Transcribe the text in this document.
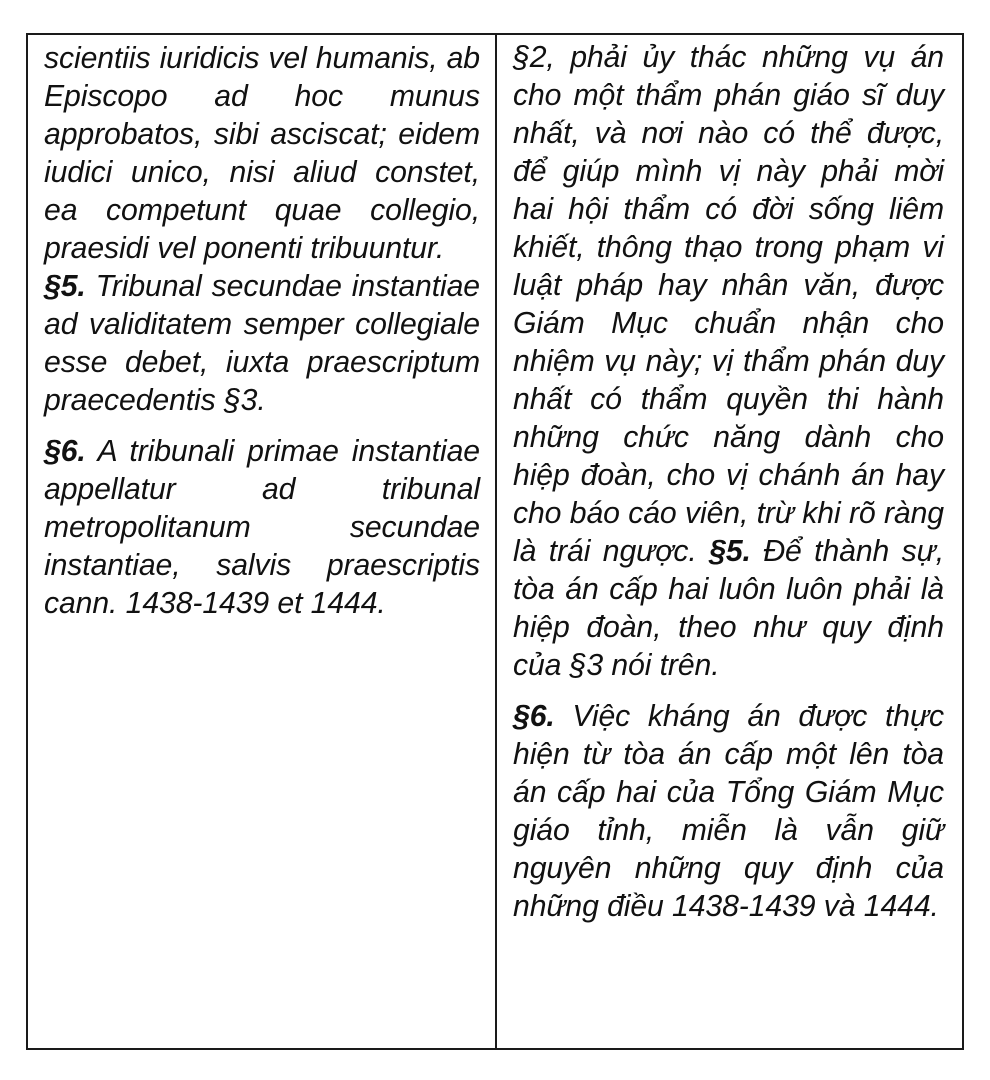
scientiis iuridicis vel humanis, ab Episcopo ad hoc munus approbatos, sibi asciscat; eidem iudici unico, nisi aliud constet, ea competunt quae collegio, praesidi vel ponenti tribuuntur.

§5. Tribunal secundae instantiae ad validitatem semper collegiale esse debet, iuxta praescriptum praecedentis §3.

§6. A tribunali primae instantiae appellatur ad tribunal metropolitanum secundae instantiae, salvis praescriptis cann. 1438-1439 et 1444.

§2, phải ủy thác những vụ án cho một thẩm phán giáo sĩ duy nhất, và nơi nào có thể được, để giúp mình vị này phải mời hai hội thẩm có đời sống liêm khiết, thông thạo trong phạm vi luật pháp hay nhân văn, được Giám Mục chuẩn nhận cho nhiệm vụ này; vị thẩm phán duy nhất có thẩm quyền thi hành những chức năng dành cho hiệp đoàn, cho vị chánh án hay cho báo cáo viên, trừ khi rõ ràng là trái ngược. §5. Để thành sự, tòa án cấp hai luôn luôn phải là hiệp đoàn, theo như quy định của §3 nói trên.

§6. Việc kháng án được thực hiện từ tòa án cấp một lên tòa án cấp hai của Tổng Giám Mục giáo tỉnh, miễn là vẫn giữ nguyên những quy định của những điều 1438-1439 và 1444.
